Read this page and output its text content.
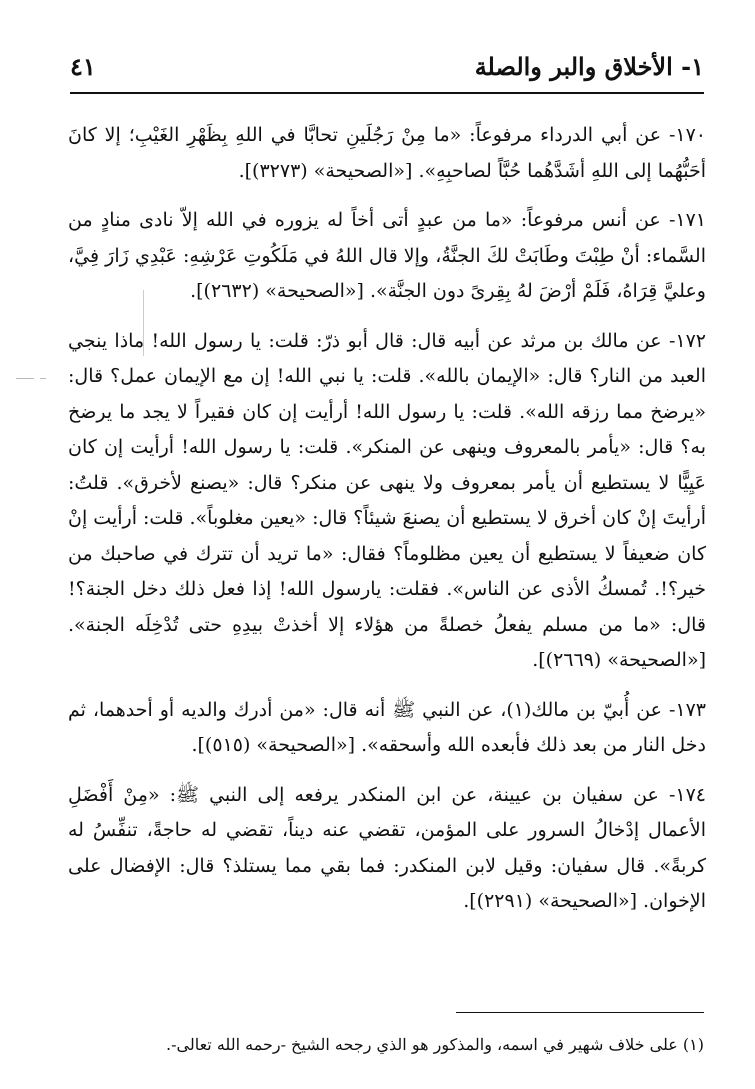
١- الأخلاق والبر والصلة
٤١

١٧٠- عن أبي الدرداء مرفوعاً: «ما مِنْ رَجُلَينِ تحابَّا في اللهِ بِظَهْرِ الغَيْبِ؛ إلا كانَ أحَبُّهُما إلى اللهِ أشَدَّهُما حُبَّاً لصاحبِهِ». [«الصحيحة» (٣٢٧٣)].

١٧١- عن أنس مرفوعاً: «ما من عبدٍ أتى أخاً له يزوره في الله إلاّ نادى منادٍ من السَّماء: أنْ طِبْتَ وطَابَتْ لكَ الجنَّةُ، وإلا قال اللهُ في مَلَكُوتِ عَرْشِهِ: عَبْدِي زَارَ فِيَّ، وعليَّ قِرَاهُ، فَلَمْ أرْضَ لهُ بِقِرىً دون الجنَّة». [«الصحيحة» (٢٦٣٢)].

١٧٢- عن مالك بن مرثد عن أبيه قال: قال أبو ذرّ: قلت: يا رسول الله! ماذا ينجي العبد من النار؟ قال: «الإيمان بالله». قلت: يا نبي الله! إن مع الإيمان عمل؟ قال: «يرضخ مما رزقه الله». قلت: يا رسول الله! أرأيت إن كان فقيراً لا يجد ما يرضخ به؟ قال: «يأمر بالمعروف وينهى عن المنكر». قلت: يا رسول الله! أرأيت إن كان عَيِيًّا لا يستطيع أن يأمر بمعروف ولا ينهى عن منكر؟ قال: «يصنع لأخرق». قلتُ: أرأيتَ إنْ كان أخرق لا يستطيع أن يصنعَ شيئاً؟ قال: «يعين مغلوباً». قلت: أرأيت إنْ كان ضعيفاً لا يستطيع أن يعين مظلوماً؟ فقال: «ما تريد أن تترك في صاحبك من خير؟!. تُمسكُ الأذى عن الناس». فقلت: يارسول الله! إذا فعل ذلك دخل الجنة؟! قال: «ما من مسلم يفعلُ خصلةً من هؤلاء إلا أخذتْ بيدِهِ حتى تُدْخِلَه الجنة». [«الصحيحة» (٢٦٦٩)].

١٧٣- عن أُبيّ بن مالك(١)، عن النبي ﷺ أنه قال: «من أدرك والديه أو أحدهما، ثم دخل النار من بعد ذلك فأبعده الله وأسحقه». [«الصحيحة» (٥١٥)].

١٧٤- عن سفيان بن عيينة، عن ابن المنكدر يرفعه إلى النبي ﷺ: «مِنْ أَفْضَلِ الأعمال إدْخالُ السرور على المؤمن، تقضي عنه ديناً، تقضي له حاجةً، تنفِّسُ له كربةً». قال سفيان: وقيل لابن المنكدر: فما بقي مما يستلذ؟ قال: الإفضال على الإخوان. [«الصحيحة» (٢٢٩١)].

(١) على خلاف شهير في اسمه، والمذكور هو الذي رجحه الشيخ -رحمه الله تعالى-.
